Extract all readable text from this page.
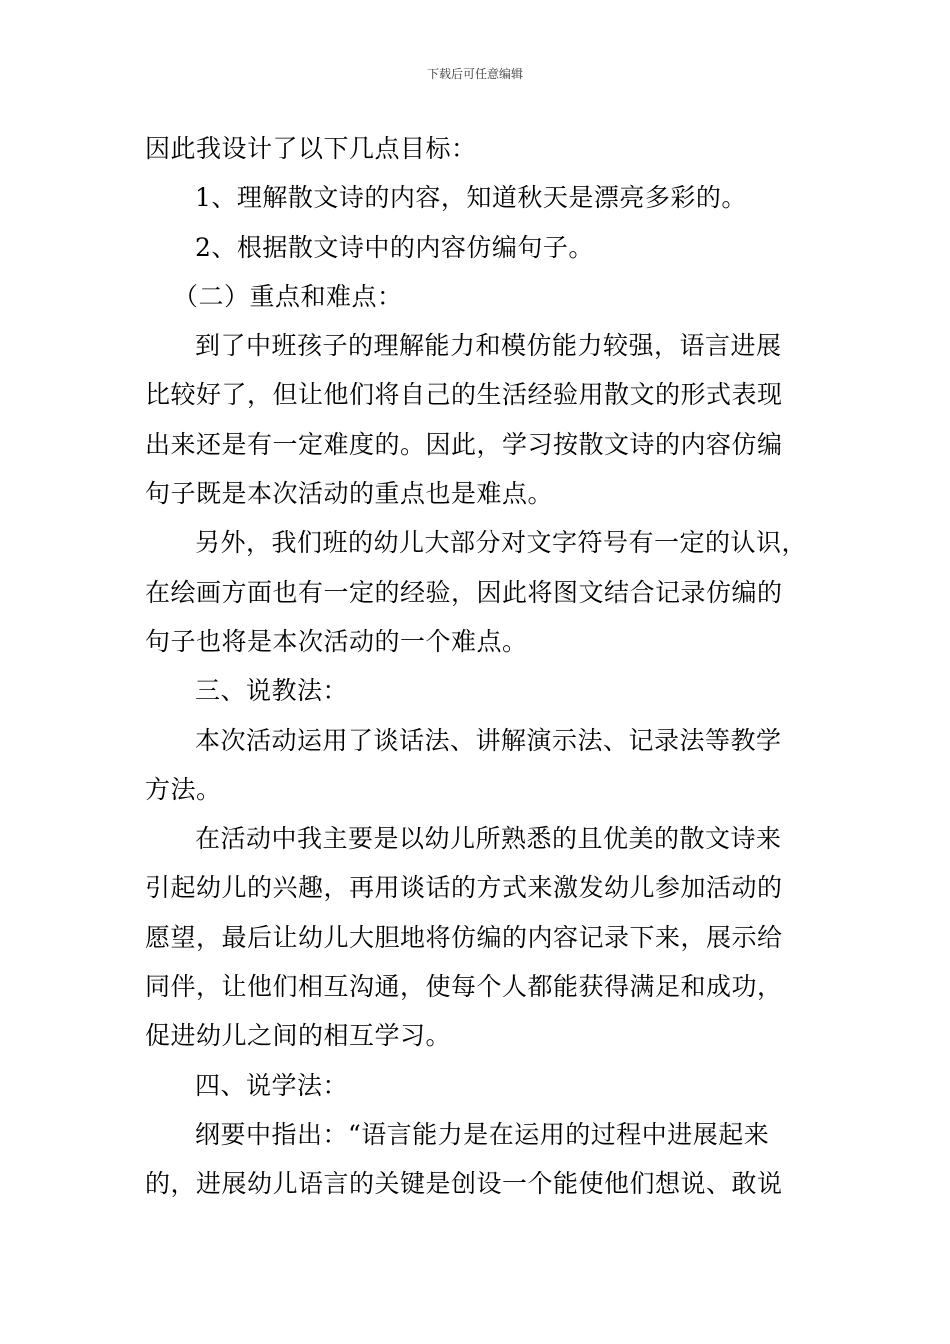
下载后可任意编辑
因此我设计了以下几点目标：
1、理解散文诗的内容，知道秋天是漂亮多彩的。
2、根据散文诗中的内容仿编句子。
（二）重点和难点：
到了中班孩子的理解能力和模仿能力较强，语言进展
比较好了，但让他们将自己的生活经验用散文的形式表现
出来还是有一定难度的。因此，学习按散文诗的内容仿编
句子既是本次活动的重点也是难点。
另外，我们班的幼儿大部分对文字符号有一定的认识，
在绘画方面也有一定的经验，因此将图文结合记录仿编的
句子也将是本次活动的一个难点。
三、说教法：
本次活动运用了谈话法、讲解演示法、记录法等教学
方法。
在活动中我主要是以幼儿所熟悉的且优美的散文诗来
引起幼儿的兴趣，再用谈话的方式来激发幼儿参加活动的
愿望，最后让幼儿大胆地将仿编的内容记录下来，展示给
同伴，让他们相互沟通，使每个人都能获得满足和成功，
促进幼儿之间的相互学习。
四、说学法：
纲要中指出：“语言能力是在运用的过程中进展起来
的，进展幼儿语言的关键是创设一个能使他们想说、敢说
